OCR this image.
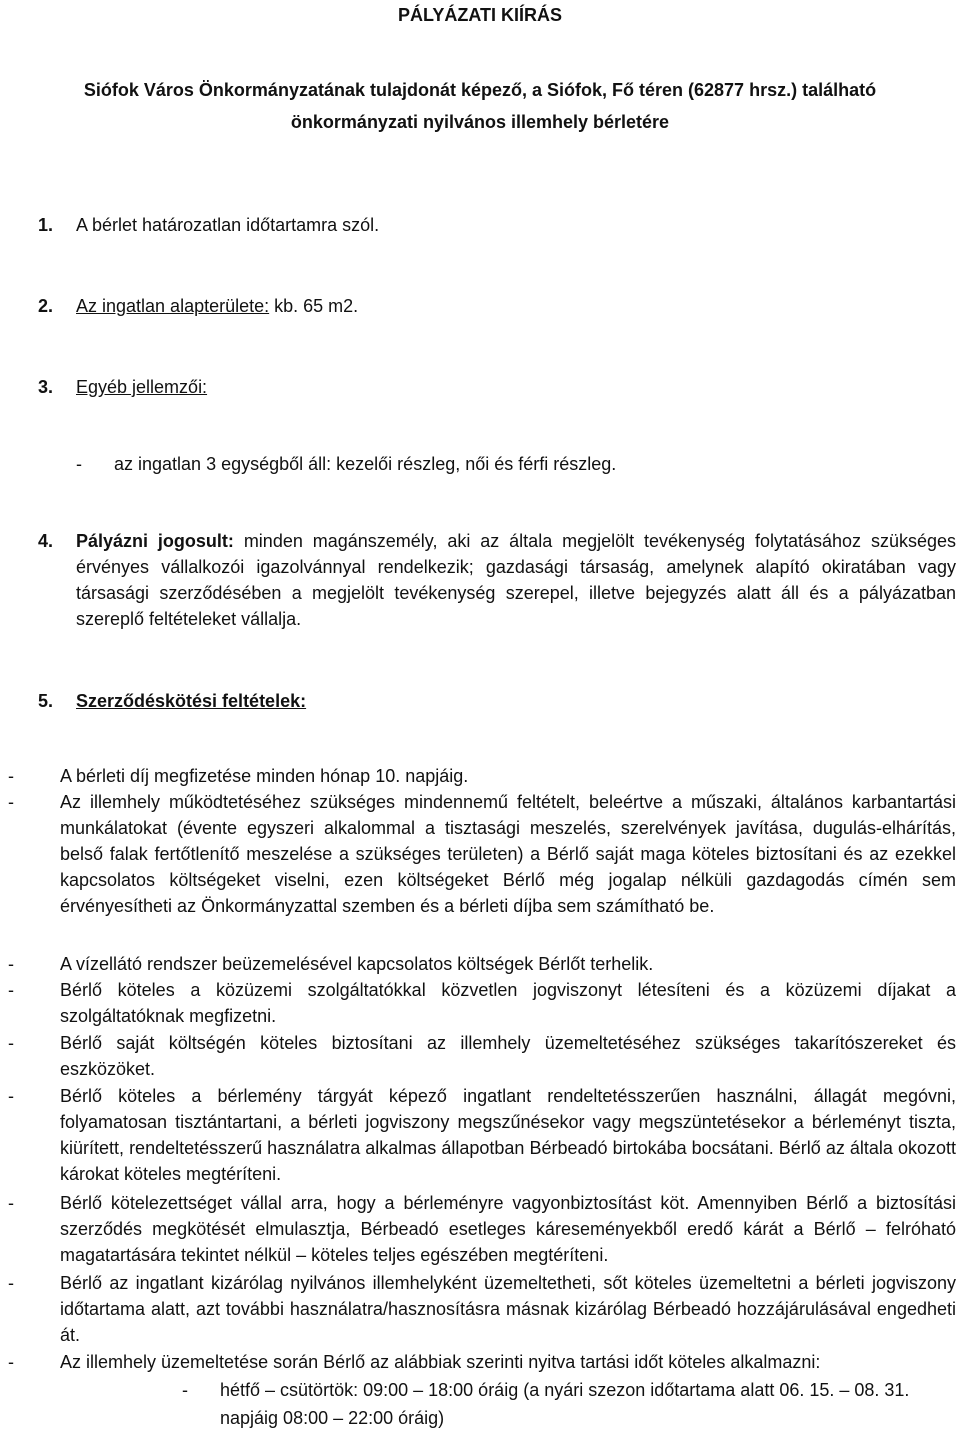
PÁLYÁZATI KIÍRÁS
Siófok Város Önkormányzatának tulajdonát képező, a Siófok, Fő téren (62877 hrsz.) található
önkormányzati nyilvános illemhely bérletére
1. A bérlet határozatlan időtartamra szól.
2. Az ingatlan alapterülete: kb. 65 m2.
3. Egyéb jellemzői:
- az ingatlan 3 egységből áll: kezelői részleg, női és férfi részleg.
4. Pályázni jogosult: minden magánszemély, aki az általa megjelölt tevékenység folytatásához szükséges érvényes vállalkozói igazolvánnyal rendelkezik; gazdasági társaság, amelynek alapító okiratában vagy társasági szerződésében a megjelölt tevékenység szerepel, illetve bejegyzés alatt áll és a pályázatban szereplő feltételeket vállalja.
5. Szerződéskötési feltételek:
-	A bérleti díj megfizetése minden hónap 10. napjáig.
-	Az illemhely működtetéséhez szükséges mindennemű feltételt, beleértve a műszaki, általános karbantartási munkálatokat (évente egyszeri alkalommal a tisztasági meszelés, szerelvények javítása, dugulás-elhárítás, belső falak fertőtlenítő meszelése a szükséges területen) a Bérlő saját maga köteles biztosítani és az ezekkel kapcsolatos költségeket viselni, ezen költségeket Bérlő még jogalap nélküli gazdagodás címén sem érvényesítheti az Önkormányzattal szemben és a bérleti díjba sem számítható be.
-	A vízellátó rendszer beüzemelésével kapcsolatos költségek Bérlőt terhelik.
-	Bérlő köteles a közüzemi szolgáltatókkal közvetlen jogviszonyt létesíteni és a közüzemi díjakat a szolgáltatóknak megfizetni.
-	Bérlő saját költségén köteles biztosítani az illemhely üzemeltetéséhez szükséges takarítószereket és eszközöket.
-	Bérlő köteles a bérlemény tárgyát képező ingatlant rendeltetésszerűen használni, állagát megóvni, folyamatosan tisztántartani, a bérleti jogviszony megszűnésekor vagy megszüntetésekor a bérleményt tiszta, kiürített, rendeltetésszerű használatra alkalmas állapotban Bérbeadó birtokába bocsátani. Bérlő az általa okozott károkat köteles megtéríteni.
-	Bérlő kötelezettséget vállal arra, hogy a bérleményre vagyonbiztosítást köt. Amennyiben Bérlő a biztosítási szerződés megkötését elmulasztja, Bérbeadó esetleges káreseményekből eredő kárát a Bérlő – felróható magatartására tekintet nélkül – köteles teljes egészében megtéríteni.
-	Bérlő az ingatlant kizárólag nyilvános illemhelyként üzemeltetheti, sőt köteles üzemeltetni a bérleti jogviszony időtartama alatt, azt további használatra/hasznosításra másnak kizárólag Bérbeadó hozzájárulásával engedheti át.
-	Az illemhely üzemeltetése során Bérlő az alábbiak szerinti nyitva tartási időt köteles alkalmazni:
- hétfő – csütörtök: 09:00 – 18:00 óráig (a nyári szezon időtartama alatt 06. 15. – 08. 31.
napjáig 08:00 – 22:00 óráig)
